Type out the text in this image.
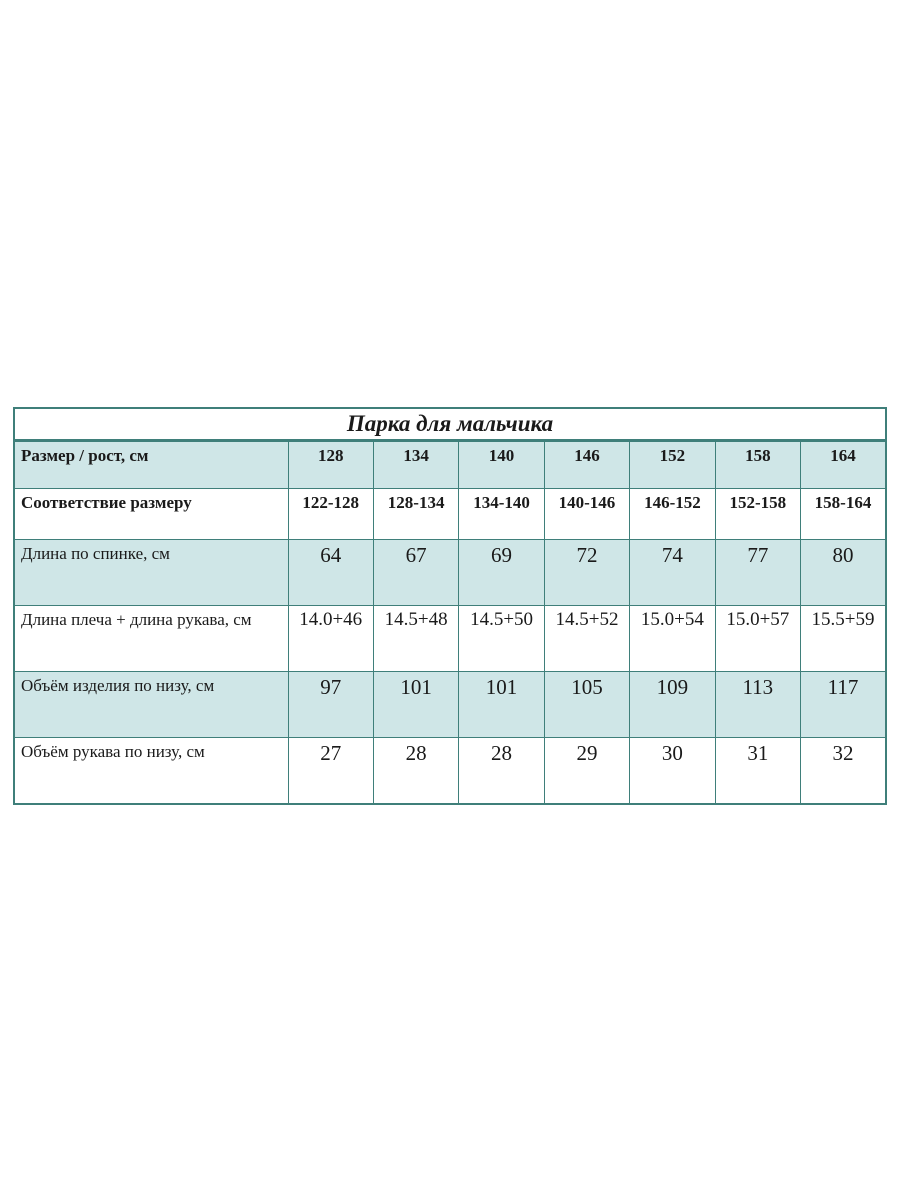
Парка для мальчика							
Размер / рост, см	128	134	140	146	152	158	164
Соответствие размеру	122-128	128-134	134-140	140-146	146-152	152-158	158-164
Длина по спинке, см	64	67	69	72	74	77	80
Длина плеча + длина рукава, см	14.0+46	14.5+48	14.5+50	14.5+52	15.0+54	15.0+57	15.5+59
Объём изделия по низу, см	97	101	101	105	109	113	117
Объём рукава по низу, см	27	28	28	29	30	31	32
